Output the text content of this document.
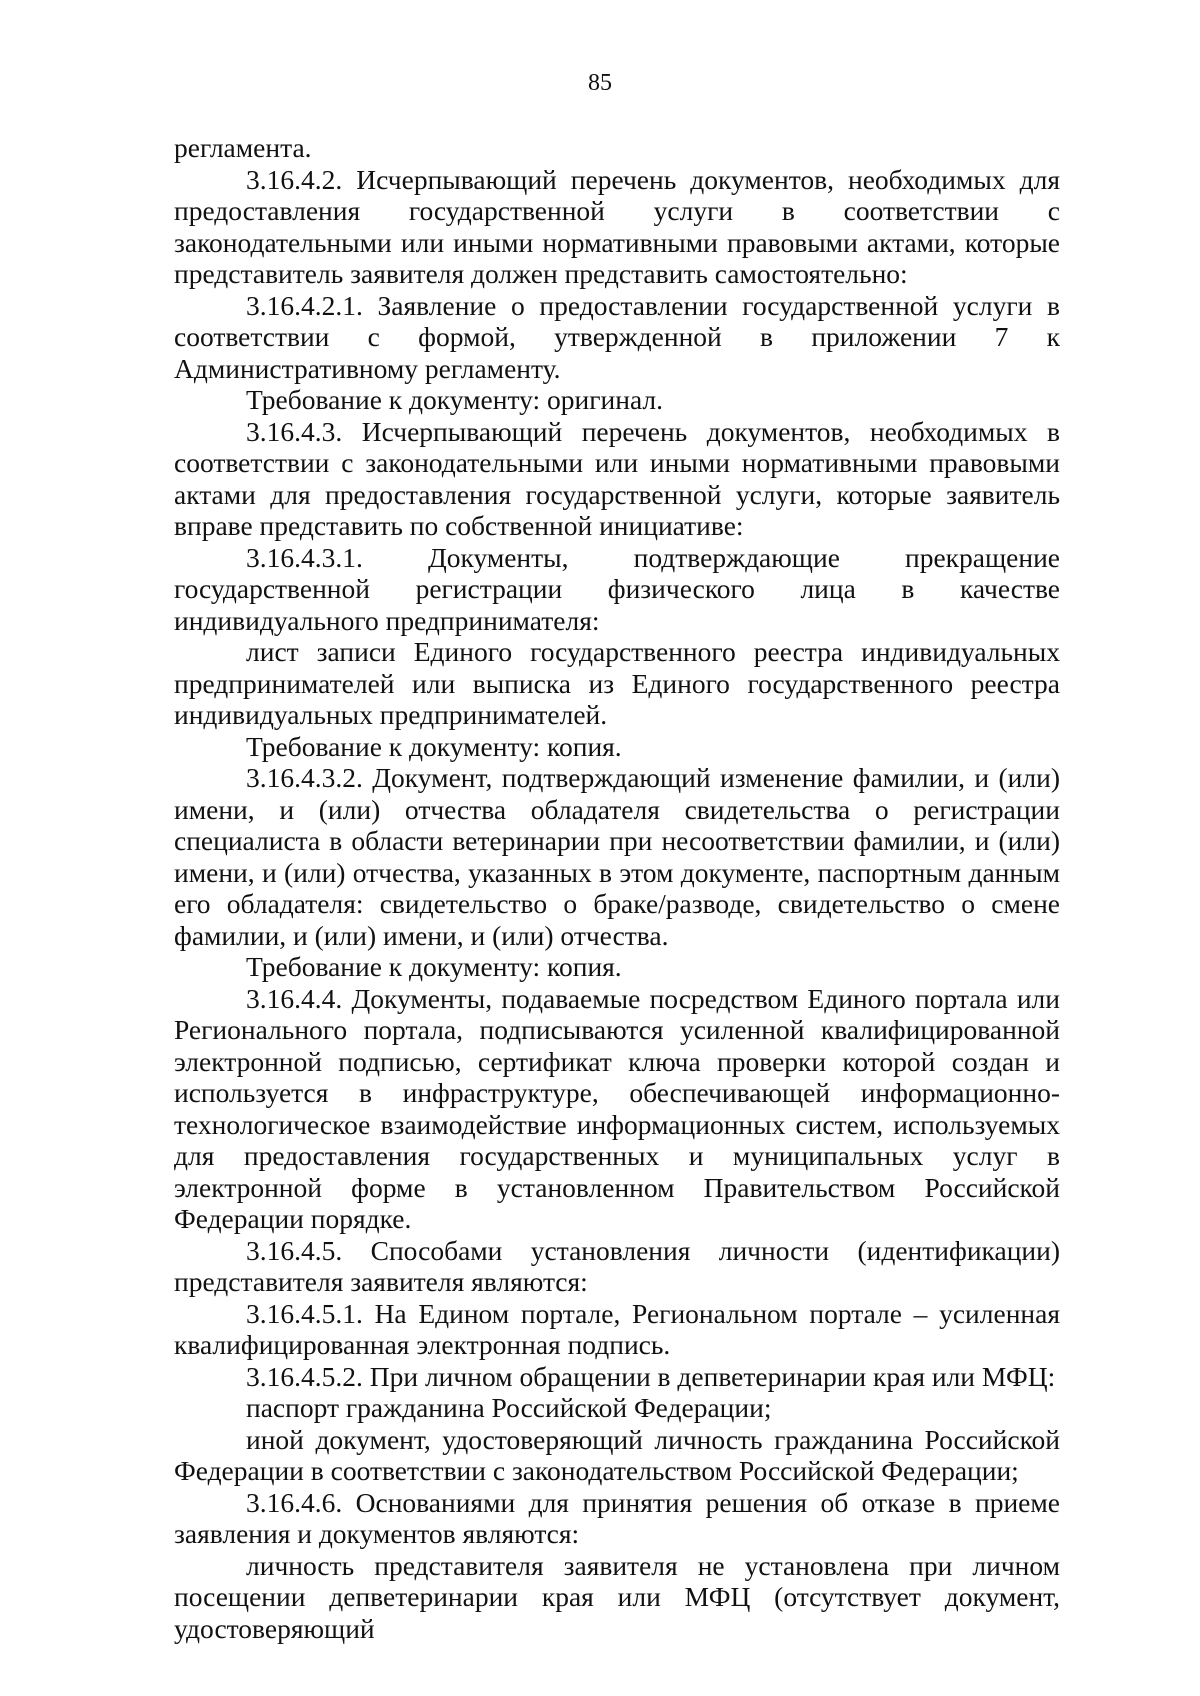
85

регламента.

3.16.4.2. Исчерпывающий перечень документов, необходимых для предоставления государственной услуги в соответствии с законодательными или иными нормативными правовыми актами, которые представитель заявителя должен представить самостоятельно:

3.16.4.2.1. Заявление о предоставлении государственной услуги в соответствии с формой, утвержденной в приложении 7 к Административному регламенту.

Требование к документу: оригинал.

3.16.4.3. Исчерпывающий перечень документов, необходимых в соответствии с законодательными или иными нормативными правовыми актами для предоставления государственной услуги, которые заявитель вправе представить по собственной инициативе:

3.16.4.3.1. Документы, подтверждающие прекращение государственной регистрации физического лица в качестве индивидуального предпринимателя:

лист записи Единого государственного реестра индивидуальных предпринимателей или выписка из Единого государственного реестра индивидуальных предпринимателей.

Требование к документу: копия.

3.16.4.3.2. Документ, подтверждающий изменение фамилии, и (или) имени, и (или) отчества обладателя свидетельства о регистрации специалиста в области ветеринарии при несоответствии фамилии, и (или) имени, и (или) отчества, указанных в этом документе, паспортным данным его обладателя: свидетельство о браке/разводе, свидетельство о смене фамилии, и (или) имени, и (или) отчества.

Требование к документу: копия.

3.16.4.4. Документы, подаваемые посредством Единого портала или Регионального портала, подписываются усиленной квалифицированной электронной подписью, сертификат ключа проверки которой создан и используется в инфраструктуре, обеспечивающей информационно-технологическое взаимодействие информационных систем, используемых для предоставления государственных и муниципальных услуг в электронной форме в установленном Правительством Российской Федерации порядке.

3.16.4.5. Способами установления личности (идентификации) представителя заявителя являются:

3.16.4.5.1. На Едином портале, Региональном портале – усиленная квалифицированная электронная подпись.

3.16.4.5.2. При личном обращении в депветеринарии края или МФЦ:

паспорт гражданина Российской Федерации;

иной документ, удостоверяющий личность гражданина Российской Федерации в соответствии с законодательством Российской Федерации;

3.16.4.6. Основаниями для принятия решения об отказе в приеме заявления и документов являются:

личность представителя заявителя не установлена при личном посещении депветеринарии края или МФЦ (отсутствует документ, удостоверяющий
